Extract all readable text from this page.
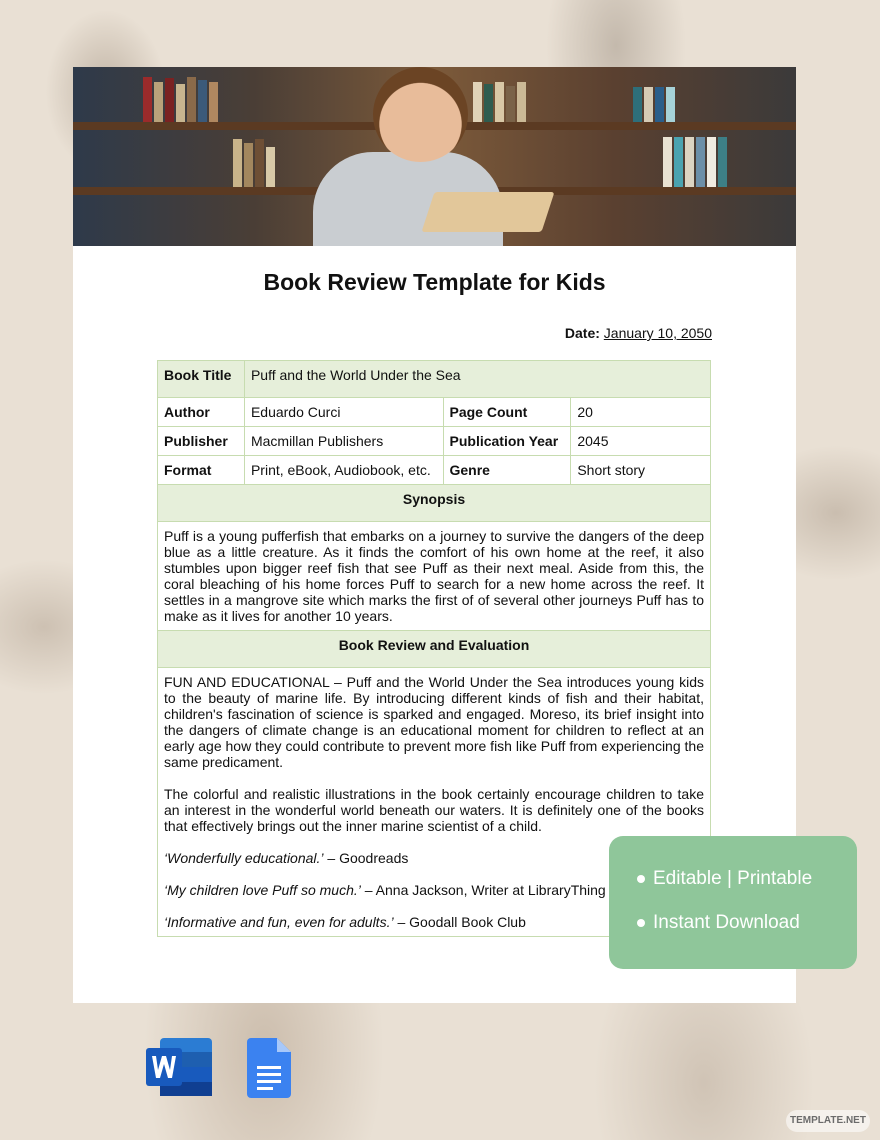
Book Review Template for Kids
Date: January 10, 2050
Book Title	Puff and the World Under the Sea		
Author	Eduardo Curci	Page Count	20
Publisher	Macmillan Publishers	Publication Year	2045
Format	Print, eBook, Audiobook, etc.	Genre	Short story
Synopsis			

Puff is a young pufferfish that embarks on a journey to survive the dangers of the deep blue as a little creature. As it finds the comfort of his own home at the reef, it also stumbles upon bigger reef fish that see Puff as their next meal. Aside from this, the coral bleaching of his home forces Puff to search for a new home across the reef. It settles in a mangrove site which marks the first of of several other journeys Puff has to make as it lives for another 10 years.			

Book Review and Evaluation			

FUN AND EDUCATIONAL – Puff and the World Under the Sea introduces young kids to the beauty of marine life. By introducing different kinds of fish and their habitat, children's fascination of science is sparked and engaged. Moreso, its brief insight into the dangers of climate change is an educational moment for children to reflect at an early age how they could contribute to prevent more fish like Puff from experiencing the same predicament.

The colorful and realistic illustrations in the book certainly encourage children to take an interest in the wonderful world beneath our waters. It is definitely one of the books that effectively brings out the inner marine scientist of a child.

‘Wonderfully educational.’ – Goodreads

‘My children love Puff so much.’ – Anna Jackson, Writer at LibraryThing

‘Informative and fun, even for adults.’ – Goodall Book Club			

Editable | Printable
Instant Download
TEMPLATE.NET
